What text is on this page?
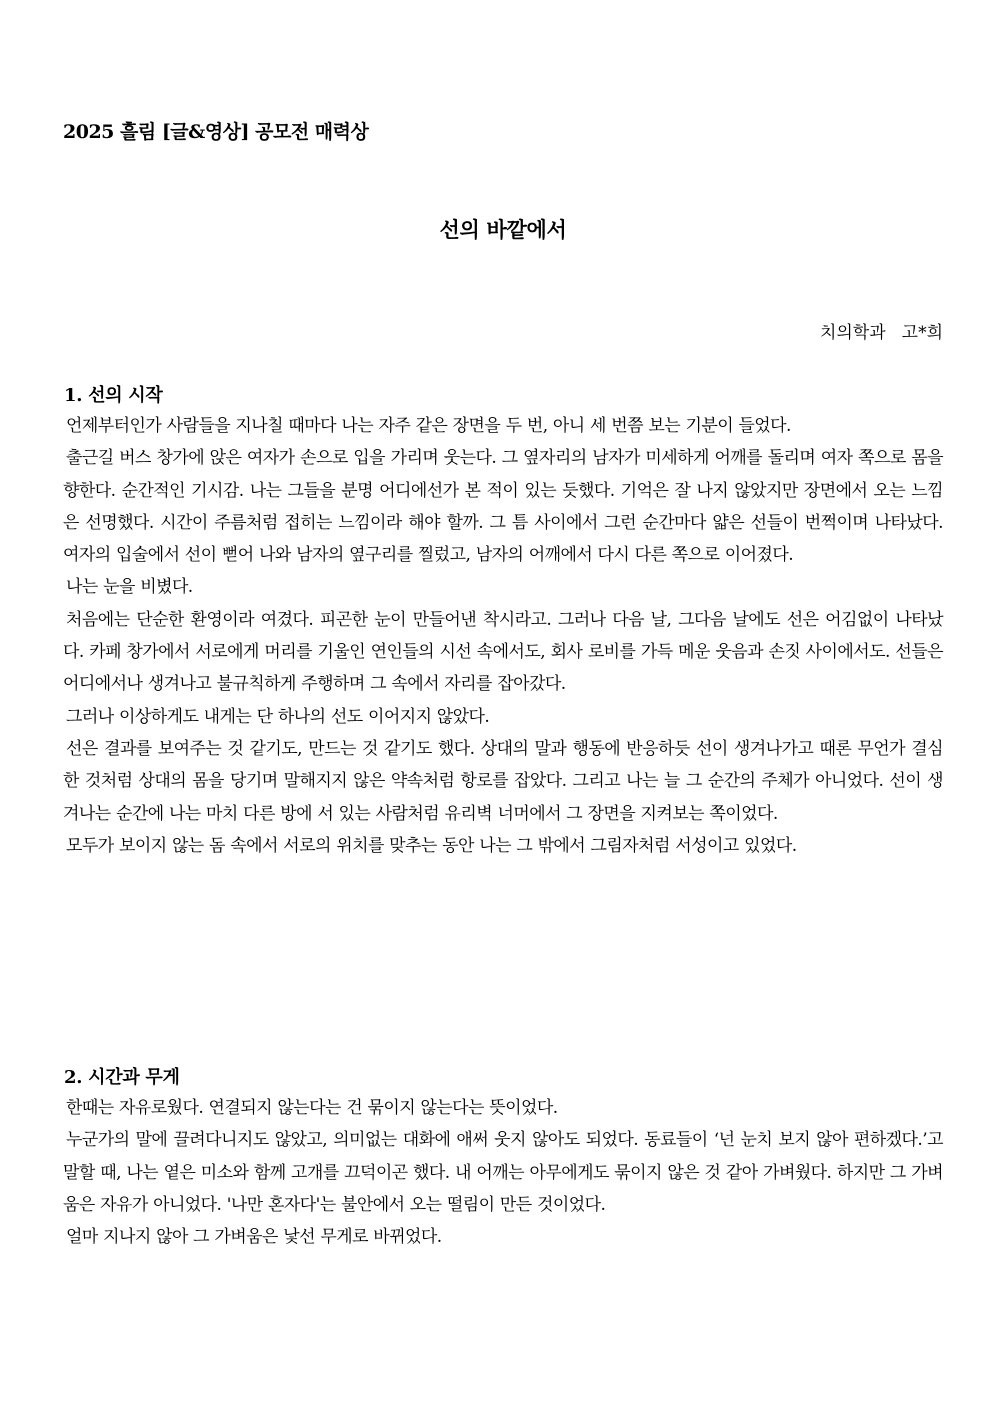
2025 흘림 [글&영상] 공모전 매력상
선의 바깥에서
치의학과 고*희
1. 선의 시작

언제부터인가 사람들을 지나칠 때마다 나는 자주 같은 장면을 두 번, 아니 세 번쯤 보는 기분이 들었다.

출근길 버스 창가에 앉은 여자가 손으로 입을 가리며 웃는다. 그 옆자리의 남자가 미세하게 어깨를 돌리며 여자 쪽으로 몸을 향한다. 순간적인 기시감. 나는 그들을 분명 어디에선가 본 적이 있는 듯했다. 기억은 잘 나지 않았지만 장면에서 오는 느낌은 선명했다. 시간이 주름처럼 접히는 느낌이라 해야 할까. 그 틈 사이에서 그런 순간마다 얇은 선들이 번쩍이며 나타났다. 여자의 입술에서 선이 뻗어 나와 남자의 옆구리를 찔렀고, 남자의 어깨에서 다시 다른 쪽으로 이어졌다.

나는 눈을 비볐다.

처음에는 단순한 환영이라 여겼다. 피곤한 눈이 만들어낸 착시라고. 그러나 다음 날, 그다음 날에도 선은 어김없이 나타났다. 카페 창가에서 서로에게 머리를 기울인 연인들의 시선 속에서도, 회사 로비를 가득 메운 웃음과 손짓 사이에서도. 선들은 어디에서나 생겨나고 불규칙하게 주행하며 그 속에서 자리를 잡아갔다.

그러나 이상하게도 내게는 단 하나의 선도 이어지지 않았다.

선은 결과를 보여주는 것 같기도, 만드는 것 같기도 했다. 상대의 말과 행동에 반응하듯 선이 생겨나가고 때론 무언가 결심한 것처럼 상대의 몸을 당기며 말해지지 않은 약속처럼 항로를 잡았다. 그리고 나는 늘 그 순간의 주체가 아니었다. 선이 생겨나는 순간에 나는 마치 다른 방에 서 있는 사람처럼 유리벽 너머에서 그 장면을 지켜보는 쪽이었다.

모두가 보이지 않는 돔 속에서 서로의 위치를 맞추는 동안 나는 그 밖에서 그림자처럼 서성이고 있었다.

2. 시간과 무게

한때는 자유로웠다. 연결되지 않는다는 건 묶이지 않는다는 뜻이었다.

누군가의 말에 끌려다니지도 않았고, 의미없는 대화에 애써 웃지 않아도 되었다. 동료들이 ‘넌 눈치 보지 않아 편하겠다.’고 말할 때, 나는 옅은 미소와 함께 고개를 끄덕이곤 했다. 내 어깨는 아무에게도 묶이지 않은 것 같아 가벼웠다. 하지만 그 가벼움은 자유가 아니었다. '나만 혼자다'는 불안에서 오는 떨림이 만든 것이었다.

얼마 지나지 않아 그 가벼움은 낯선 무게로 바뀌었다.
